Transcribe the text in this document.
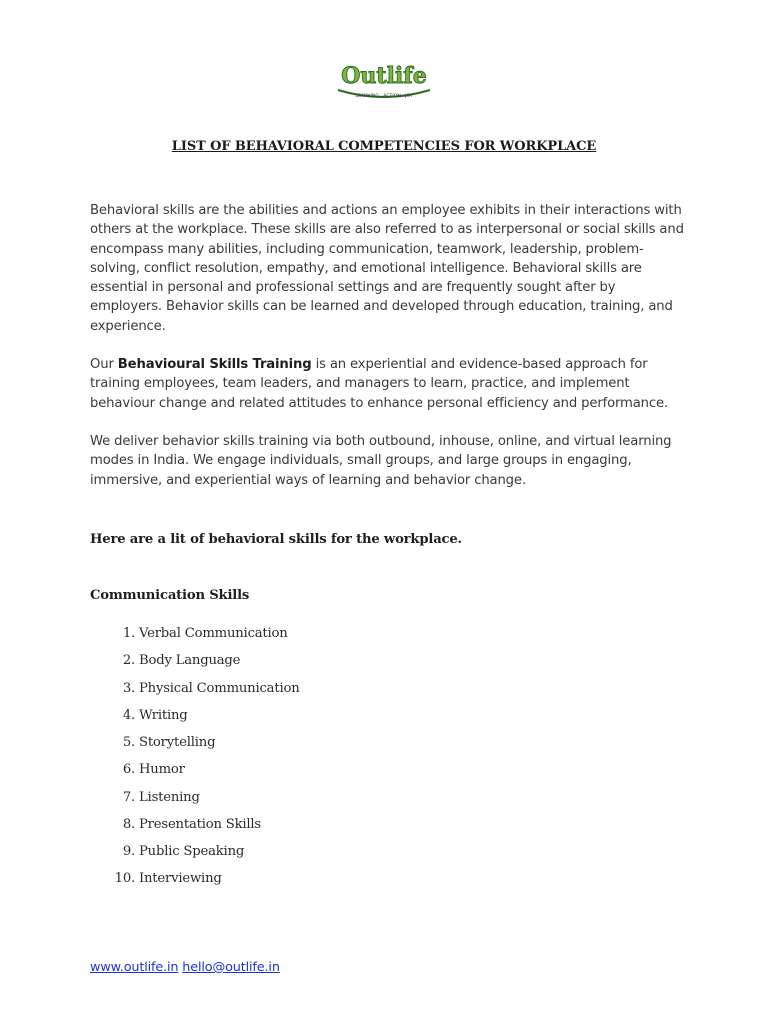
Outlife
LEARNING . ACTION . JOY
LIST OF BEHAVIORAL COMPETENCIES FOR WORKPLACE

Behavioral skills are the abilities and actions an employee exhibits in their interactions with others at the workplace. These skills are also referred to as interpersonal or social skills and encompass many abilities, including communication, teamwork, leadership, problem-solving, conflict resolution, empathy, and emotional intelligence. Behavioral skills are essential in personal and professional settings and are frequently sought after by employers. Behavior skills can be learned and developed through education, training, and experience.

Our Behavioural Skills Training is an experiential and evidence-based approach for training employees, team leaders, and managers to learn, practice, and implement behaviour change and related attitudes to enhance personal efficiency and performance.

We deliver behavior skills training via both outbound, inhouse, online, and virtual learning modes in India. We engage individuals, small groups, and large groups in engaging, immersive, and experiential ways of learning and behavior change.

Here are a lit of behavioral skills for the workplace.
Communication Skills
1. Verbal Communication
2. Body Language
3. Physical Communication
4. Writing
5. Storytelling
6. Humor
7. Listening
8. Presentation Skills
9. Public Speaking
10. Interviewing
www.outlife.in hello@outlife.in
